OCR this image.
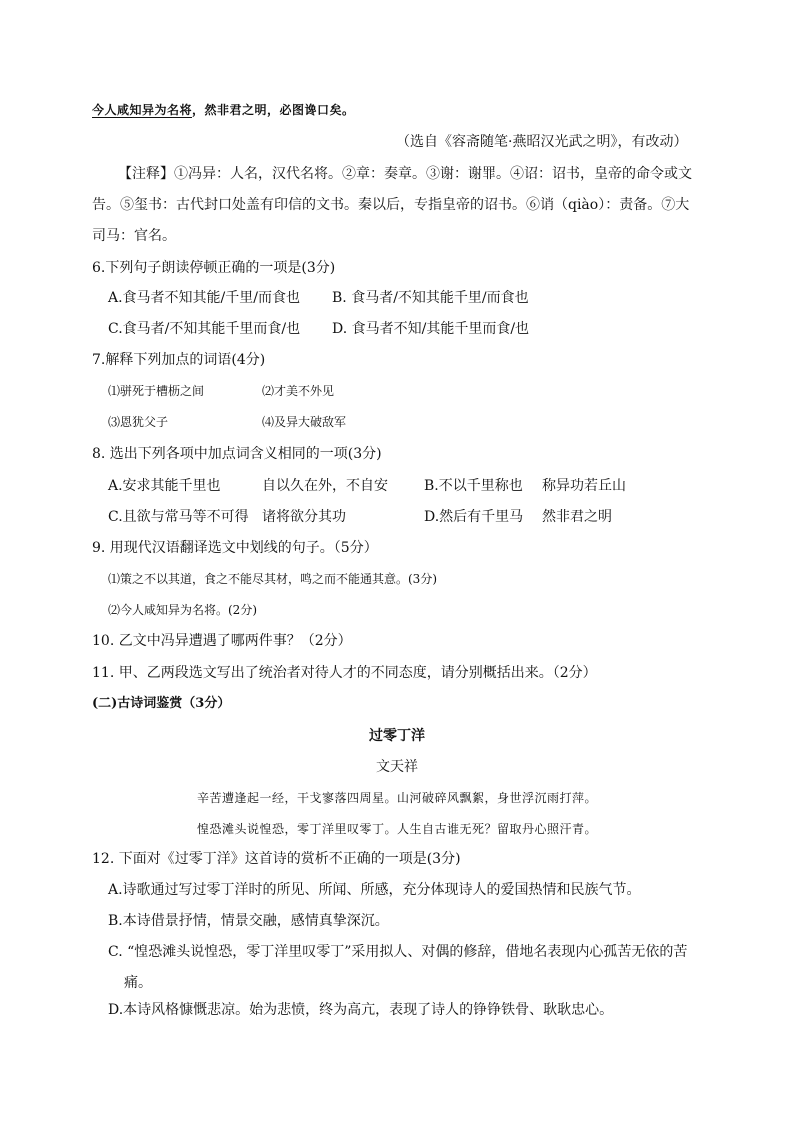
今人咸知异为名将，然非君之明，必图谗口矣。
（选自《容斋随笔·燕昭汉光武之明》，有改动）
【注释】①冯异：人名，汉代名将。②章：奏章。③谢：谢罪。④诏：诏书，皇帝的命令或文
告。⑤玺书：古代封口处盖有印信的文书。秦以后，专指皇帝的诏书。⑥诮（qiào）：责备。⑦大
司马：官名。
6.下列句子朗读停顿正确的一项是(3分)
A.食马者不知其能/千里/而食也 B. 食马者/不知其能千里/而食也
C.食马者/不知其能千里而食/也 D. 食马者不知/其能千里而食/也
7.解释下列加点的词语(4分)
⑴骈死于槽枥之间	⑵才美不外见
⑶恩犹父子	⑷及异大破敌军
8. 选出下列各项中加点词含义相同的一项(3分)
A.安求其能千里也	自以久在外，不自安	B.不以千里称也 称异功若丘山
C.且欲与常马等不可得 诸将欲分其功	D.然后有千里马 然非君之明
9. 用现代汉语翻译选文中划线的句子。（5分）
⑴策之不以其道，食之不能尽其材，鸣之而不能通其意。(3分)
⑵今人咸知异为名将。(2分)
10. 乙文中冯异遭遇了哪两件事？（2分）
11. 甲、乙两段选文写出了统治者对待人才的不同态度，请分别概括出来。（2分）
(二)古诗词鉴赏（3分）
过零丁洋
文天祥
辛苦遭逢起一经，干戈寥落四周星。山河破碎风飘絮，身世浮沉雨打萍。
惶恐滩头说惶恐，零丁洋里叹零丁。人生自古谁无死？留取丹心照汗青。
12. 下面对《过零丁洋》这首诗的赏析不正确的一项是(3分)
A.诗歌通过写过零丁洋时的所见、所闻、所感，充分体现诗人的爱国热情和民族气节。
B.本诗借景抒情，情景交融，感情真挚深沉。
C. “惶恐滩头说惶恐，零丁洋里叹零丁”采用拟人、对偶的修辞，借地名表现内心孤苦无依的苦
痛。
D.本诗风格慷慨悲凉。始为悲愤，终为高亢，表现了诗人的铮铮铁骨、耿耿忠心。
